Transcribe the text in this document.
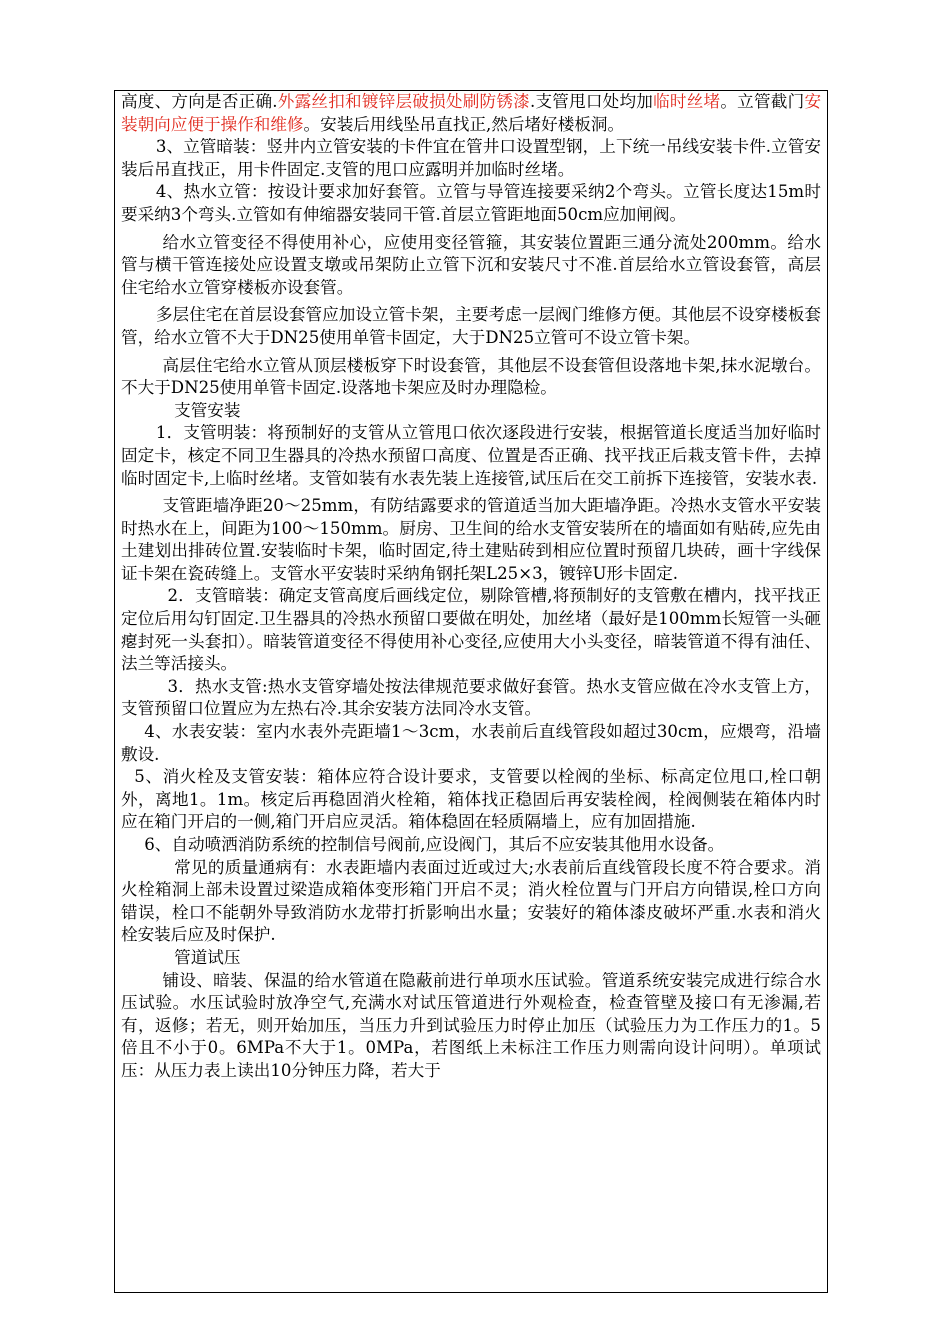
高度、方向是否正确.外露丝扣和镀锌层破损处刷防锈漆.支管甩口处均加临时丝堵。立管截门安装朝向应便于操作和维修。安装后用线坠吊直找正,然后堵好楼板洞。

3、立管暗装：竖井内立管安装的卡件宜在管井口设置型钢，上下统一吊线安装卡件.立管安装后吊直找正，用卡件固定.支管的甩口应露明并加临时丝堵。

4、热水立管：按设计要求加好套管。立管与导管连接要采纳2个弯头。立管长度达15m时要采纳3个弯头.立管如有伸缩器安装同干管.首层立管距地面50cm应加闸阀。

给水立管变径不得使用补心，应使用变径管箍，其安装位置距三通分流处200mm。给水管与横干管连接处应设置支墩或吊架防止立管下沉和安装尺寸不准.首层给水立管设套管，高层住宅给水立管穿楼板亦设套管。

多层住宅在首层设套管应加设立管卡架，主要考虑一层阀门维修方便。其他层不设穿楼板套管，给水立管不大于DN25使用单管卡固定，大于DN25立管可不设立管卡架。

高层住宅给水立管从顶层楼板穿下时设套管，其他层不设套管但设落地卡架,抹水泥墩台。不大于DN25使用单管卡固定.设落地卡架应及时办理隐检。

支管安装

1．支管明装：将预制好的支管从立管甩口依次逐段进行安装，根据管道长度适当加好临时固定卡，核定不同卫生器具的冷热水预留口高度、位置是否正确、找平找正后栽支管卡件，去掉临时固定卡,上临时丝堵。支管如装有水表先装上连接管,试压后在交工前拆下连接管，安装水表.

支管距墙净距20～25mm，有防结露要求的管道适当加大距墙净距。冷热水支管水平安装时热水在上，间距为100～150mm。厨房、卫生间的给水支管安装所在的墙面如有贴砖,应先由土建划出排砖位置.安装临时卡架，临时固定,待土建贴砖到相应位置时预留几块砖，画十字线保证卡架在瓷砖缝上。支管水平安装时采纳角钢托架L25×3，镀锌U形卡固定.

2．支管暗装：确定支管高度后画线定位，剔除管槽,将预制好的支管敷在槽内，找平找正定位后用勾钉固定.卫生器具的冷热水预留口要做在明处，加丝堵（最好是100mm长短管一头砸瘪封死一头套扣）。暗装管道变径不得使用补心变径,应使用大小头变径，暗装管道不得有油任、法兰等活接头。

3．热水支管:热水支管穿墙处按法律规范要求做好套管。热水支管应做在冷水支管上方，支管预留口位置应为左热右冷.其余安装方法同冷水支管。

4、水表安装：室内水表外壳距墙1～3cm，水表前后直线管段如超过30cm，应煨弯，沿墙敷设.

5、消火栓及支管安装：箱体应符合设计要求，支管要以栓阀的坐标、标高定位甩口,栓口朝外，离地1。1m。核定后再稳固消火栓箱，箱体找正稳固后再安装栓阀，栓阀侧装在箱体内时应在箱门开启的一侧,箱门开启应灵活。箱体稳固在轻质隔墙上，应有加固措施.

6、自动喷洒消防系统的控制信号阀前,应设阀门，其后不应安装其他用水设备。

常见的质量通病有：水表距墙内表面过近或过大;水表前后直线管段长度不符合要求。消火栓箱洞上部未设置过梁造成箱体变形箱门开启不灵；消火栓位置与门开启方向错误,栓口方向错误，栓口不能朝外导致消防水龙带打折影响出水量；安装好的箱体漆皮破坏严重.水表和消火栓安装后应及时保护.

管道试压

铺设、暗装、保温的给水管道在隐蔽前进行单项水压试验。管道系统安装完成进行综合水压试验。水压试验时放净空气,充满水对试压管道进行外观检查，检查管壁及接口有无渗漏,若有，返修；若无，则开始加压，当压力升到试验压力时停止加压（试验压力为工作压力的1。5倍且不小于0。6MPa不大于1。0MPa，若图纸上未标注工作压力则需向设计问明）。单项试压：从压力表上读出10分钟压力降，若大于
